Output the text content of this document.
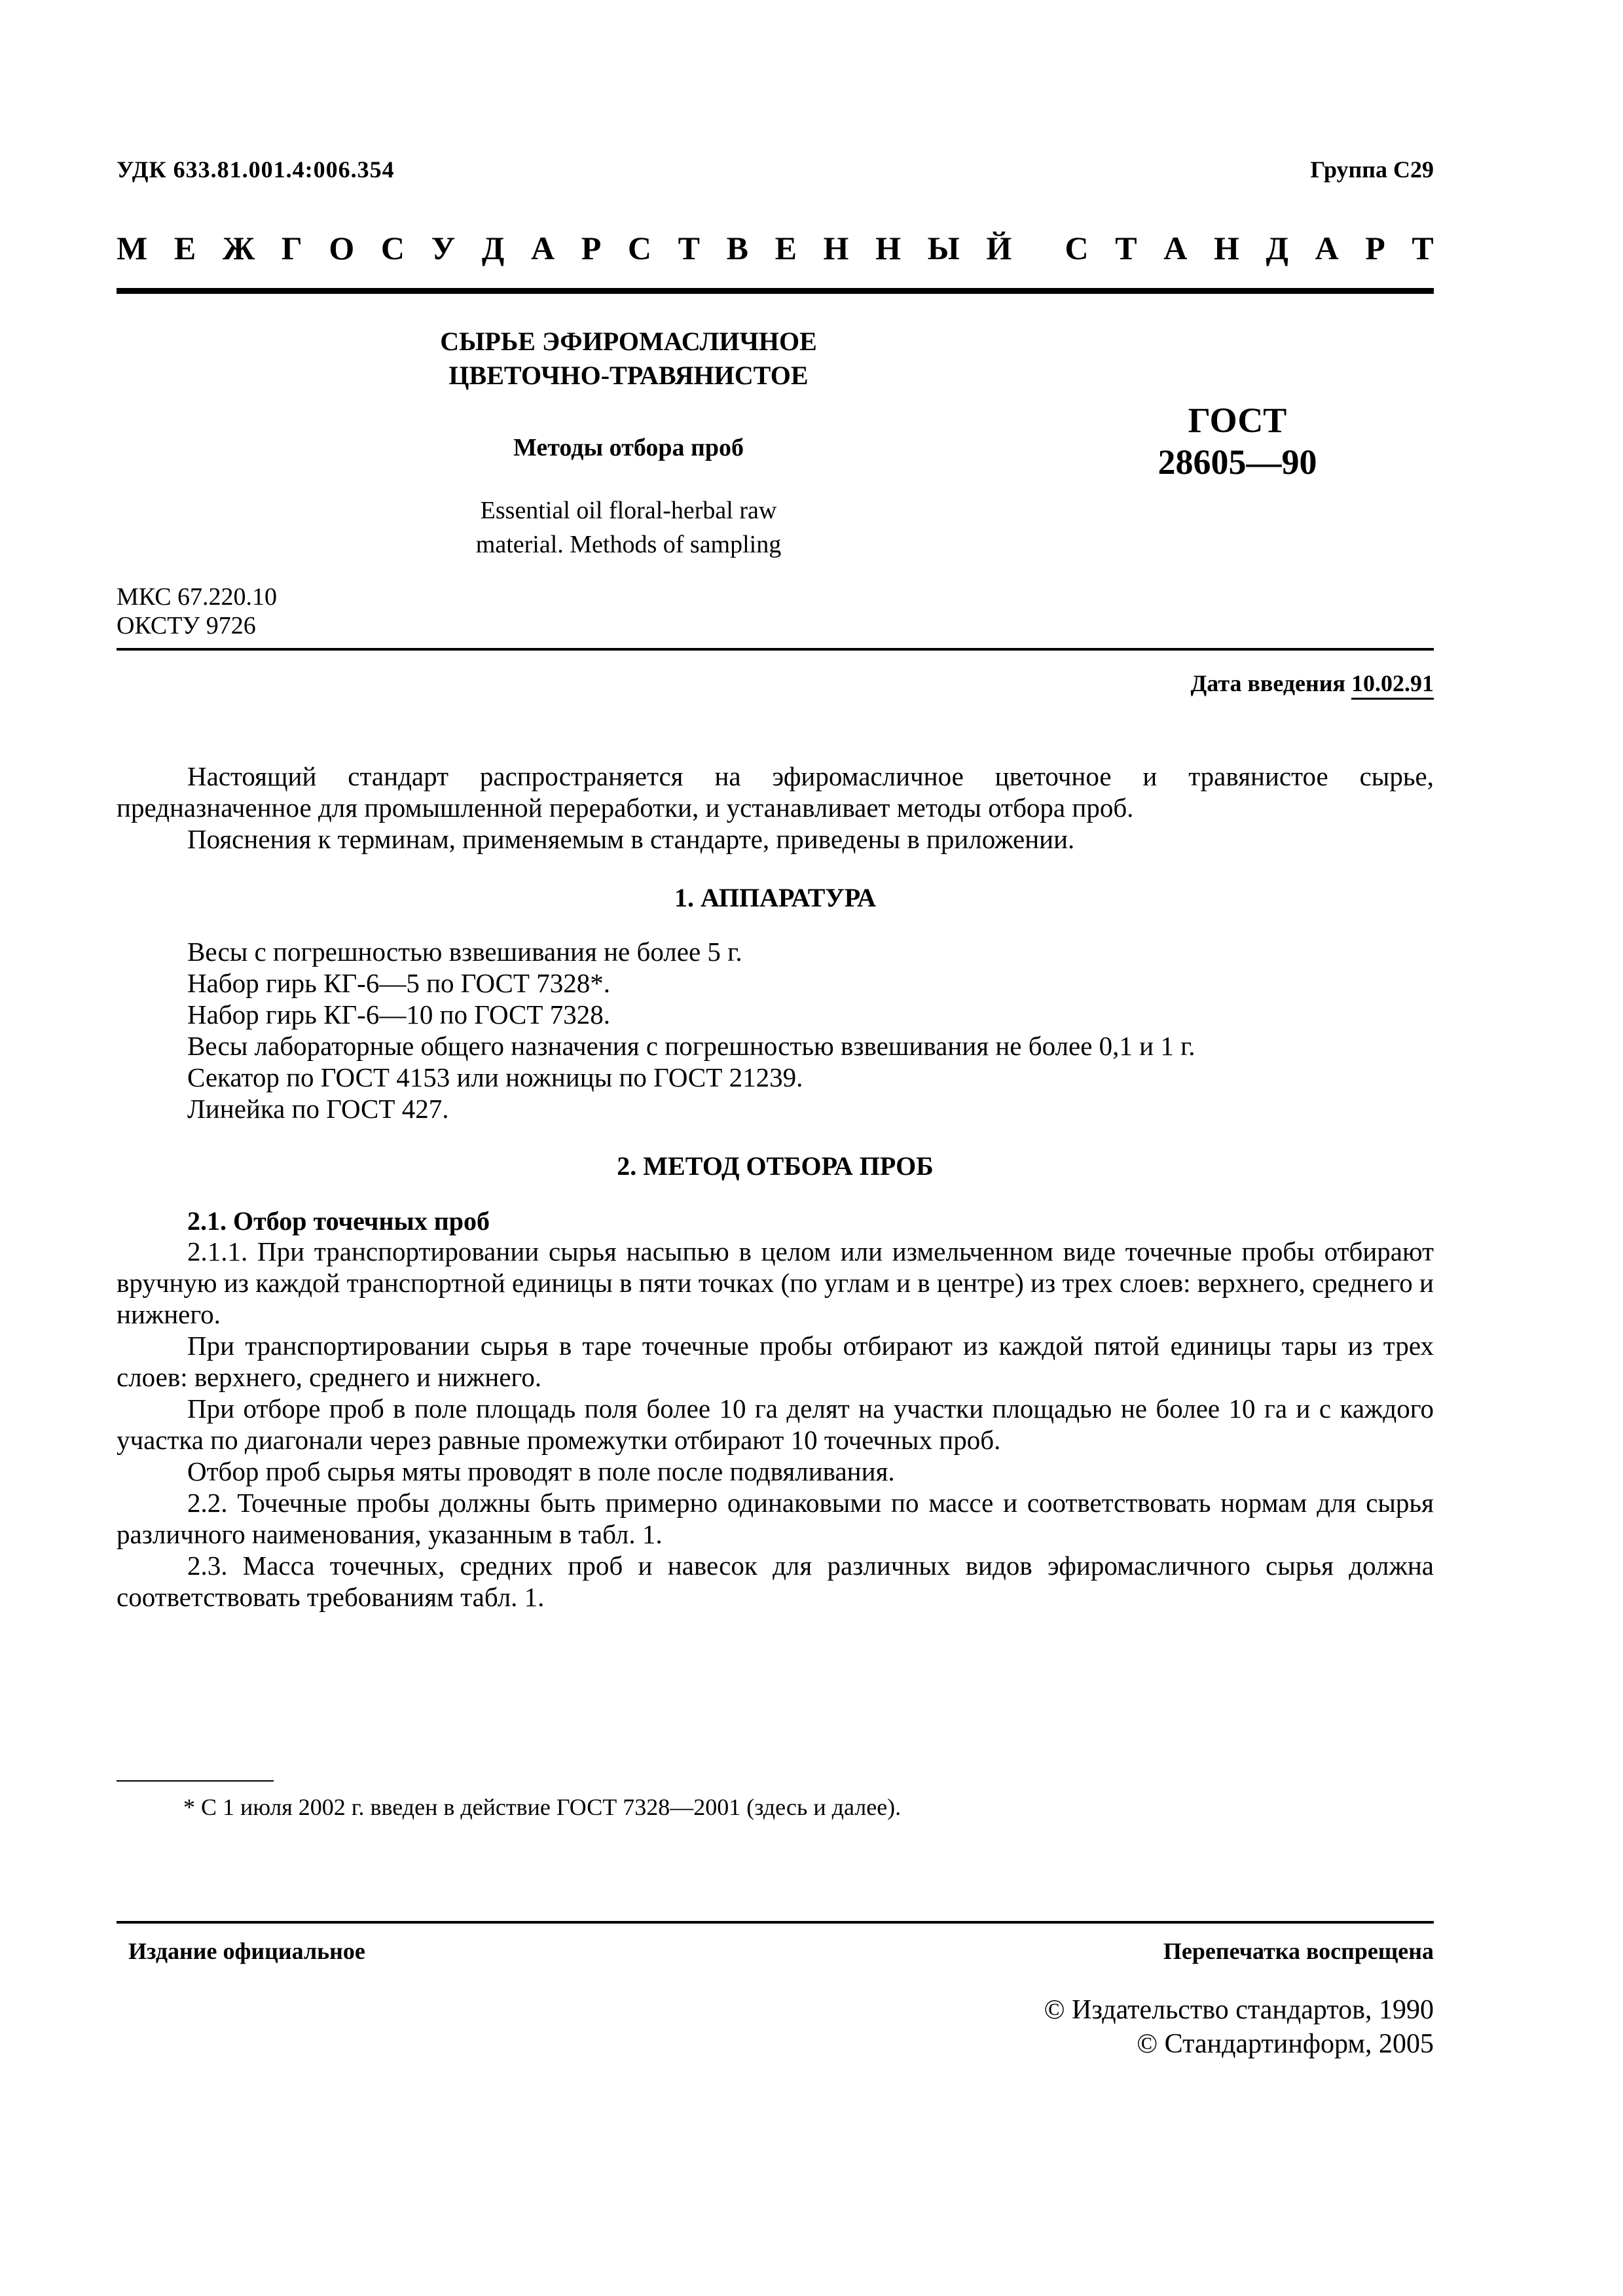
УДК 633.81.001.4:006.354	Группа С29
М Е Ж Г О С У Д А Р С Т В Е Н Н Ы Й С Т А Н Д А Р Т
СЫРЬЕ ЭФИРОМАСЛИЧНОЕ
ЦВЕТОЧНО-ТРАВЯНИСТОЕ
Методы отбора проб
Essential oil floral-herbal raw
material. Methods of sampling
ГОСТ
28605—90
МКС 67.220.10
ОКСТУ 9726
Дата введения 10.02.91

Настоящий стандарт распространяется на эфиромасличное цветочное и травянистое сырье, предназначенное для промышленной переработки, и устанавливает методы отбора проб.

Пояснения к терминам, применяемым в стандарте, приведены в приложении.

1. АППАРАТУРА
Весы с погрешностью взвешивания не более 5 г.
Набор гирь КГ-6—5 по ГОСТ 7328*.
Набор гирь КГ-6—10 по ГОСТ 7328.
Весы лабораторные общего назначения с погрешностью взвешивания не более 0,1 и 1 г.
Секатор по ГОСТ 4153 или ножницы по ГОСТ 21239.
Линейка по ГОСТ 427.
2. МЕТОД ОТБОРА ПРОБ
2.1. Отбор точечных проб

2.1.1. При транспортировании сырья насыпью в целом или измельченном виде точечные пробы отбирают вручную из каждой транспортной единицы в пяти точках (по углам и в центре) из трех слоев: верхнего, среднего и нижнего.

При транспортировании сырья в таре точечные пробы отбирают из каждой пятой единицы тары из трех слоев: верхнего, среднего и нижнего.

При отборе проб в поле площадь поля более 10 га делят на участки площадью не более 10 га и с каждого участка по диагонали через равные промежутки отбирают 10 точечных проб.

Отбор проб сырья мяты проводят в поле после подвяливания.

2.2. Точечные пробы должны быть примерно одинаковыми по массе и соответствовать нормам для сырья различного наименования, указанным в табл. 1.

2.3. Масса точечных, средних проб и навесок для различных видов эфиромасличного сырья должна соответствовать требованиям табл. 1.

* С 1 июля 2002 г. введен в действие ГОСТ 7328—2001 (здесь и далее).
Издание официальное	Перепечатка воспрещена
© Издательство стандартов, 1990
© Стандартинформ, 2005
